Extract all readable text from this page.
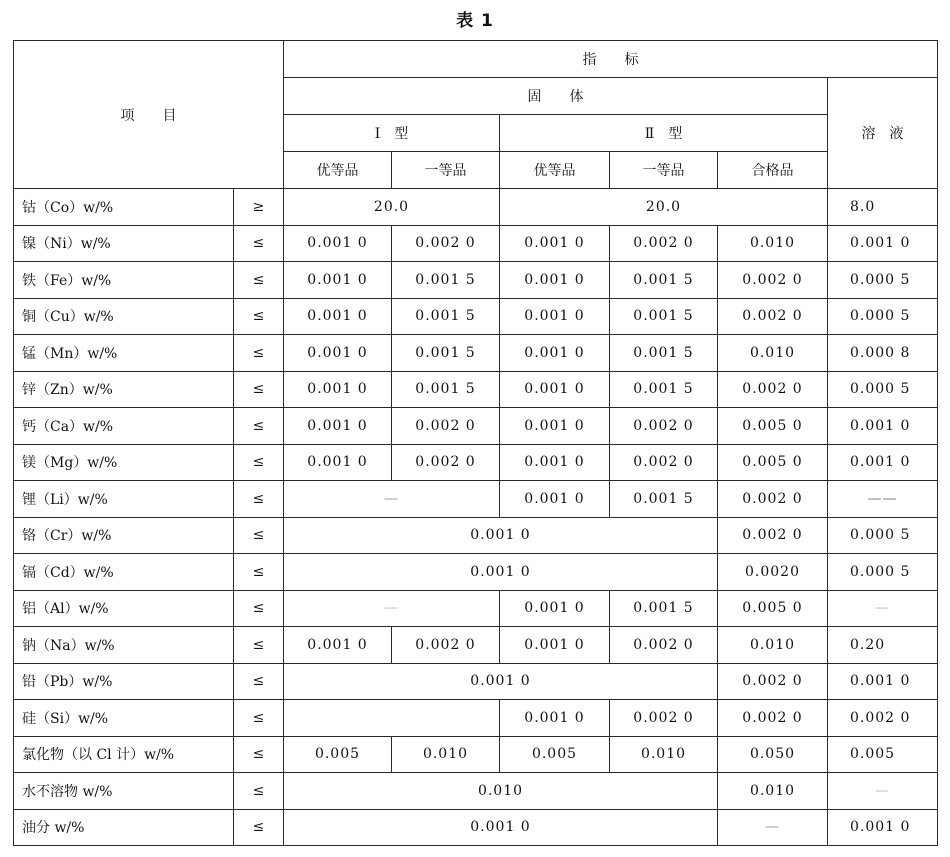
表 1
项　　目		指　　标					
		固　　体					溶　液
		Ⅰ　型		Ⅱ　型			
		优等品	一等品	优等品	一等品	合格品	
钴（Co）w/%	≥	20.0		20.0			8.0
镍（Ni）w/%	≤	0.001 0	0.002 0	0.001 0	0.002 0	0.010	0.001 0
铁（Fe）w/%	≤	0.001 0	0.001 5	0.001 0	0.001 5	0.002 0	0.000 5
铜（Cu）w/%	≤	0.001 0	0.001 5	0.001 0	0.001 5	0.002 0	0.000 5
锰（Mn）w/%	≤	0.001 0	0.001 5	0.001 0	0.001 5	0.010	0.000 8
锌（Zn）w/%	≤	0.001 0	0.001 5	0.001 0	0.001 5	0.002 0	0.000 5
钙（Ca）w/%	≤	0.001 0	0.002 0	0.001 0	0.002 0	0.005 0	0.001 0
镁（Mg）w/%	≤	0.001 0	0.002 0	0.001 0	0.002 0	0.005 0	0.001 0
锂（Li）w/%	≤	—		0.001 0	0.001 5	0.002 0	——
铬（Cr）w/%	≤	0.001 0				0.002 0	0.000 5
镉（Cd）w/%	≤	0.001 0				0.0020	0.000 5
铝（Al）w/%	≤	—		0.001 0	0.001 5	0.005 0	—
钠（Na）w/%	≤	0.001 0	0.002 0	0.001 0	0.002 0	0.010	0.20
铅（Pb）w/%	≤	0.001 0				0.002 0	0.001 0
硅（Si）w/%	≤			0.001 0	0.002 0	0.002 0	0.002 0
氯化物（以 Cl 计）w/%	≤	0.005	0.010	0.005	0.010	0.050	0.005
水不溶物 w/%	≤	0.010				0.010	—
油分 w/%	≤	0.001 0				—	0.001 0
